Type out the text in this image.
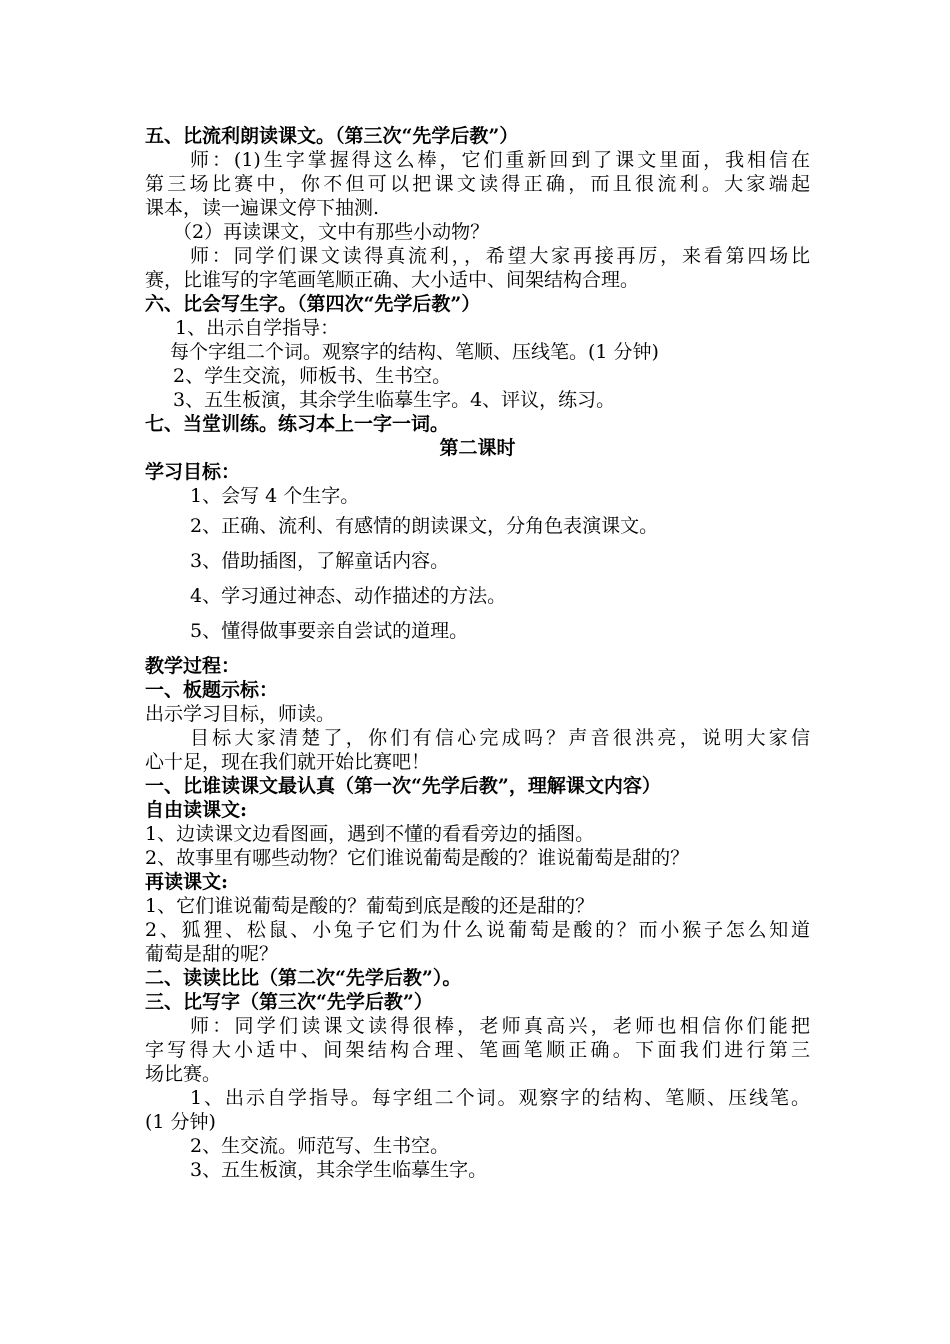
五、比流利朗读课文。（第三次“先学后教”）
师：(1)生字掌握得这么棒，它们重新回到了课文里面，我相信在
第三场比赛中，你不但可以把课文读得正确，而且很流利。大家端起
课本，读一遍课文停下抽测.
（2）再读课文，文中有那些小动物？
师：同学们课文读得真流利，，希望大家再接再厉，来看第四场比
赛，比谁写的字笔画笔顺正确、大小适中、间架结构合理。
六、比会写生字。（第四次“先学后教”）
1、出示自学指导：
每个字组二个词。观察字的结构、笔顺、压线笔。(1 分钟)
2、学生交流，师板书、生书空。
3、五生板演，其余学生临摹生字。4、评议，练习。
七、当堂训练。练习本上一字一词。
第二课时
学习目标：
1、会写 4 个生字。
2、正确、流利、有感情的朗读课文，分角色表演课文。
3、借助插图，了解童话内容。
4、学习通过神态、动作描述的方法。
5、懂得做事要亲自尝试的道理。
教学过程：
一、板题示标：
出示学习目标，师读。
目标大家清楚了，你们有信心完成吗？声音很洪亮，说明大家信
心十足，现在我们就开始比赛吧！
一、比谁读课文最认真（第一次“先学后教”，理解课文内容）
自由读课文:
1、边读课文边看图画，遇到不懂的看看旁边的插图。
2、故事里有哪些动物？它们谁说葡萄是酸的？谁说葡萄是甜的？
再读课文:
1、它们谁说葡萄是酸的？葡萄到底是酸的还是甜的？
2、狐狸、松鼠、小兔子它们为什么说葡萄是酸的？而小猴子怎么知道
葡萄是甜的呢？
二、读读比比（第二次“先学后教”）。
三、比写字（第三次“先学后教”）
师：同学们读课文读得很棒，老师真高兴，老师也相信你们能把
字写得大小适中、间架结构合理、笔画笔顺正确。下面我们进行第三
场比赛。
1、出示自学指导。每字组二个词。观察字的结构、笔顺、压线笔。
(1 分钟)
2、生交流。师范写、生书空。
3、五生板演，其余学生临摹生字。
